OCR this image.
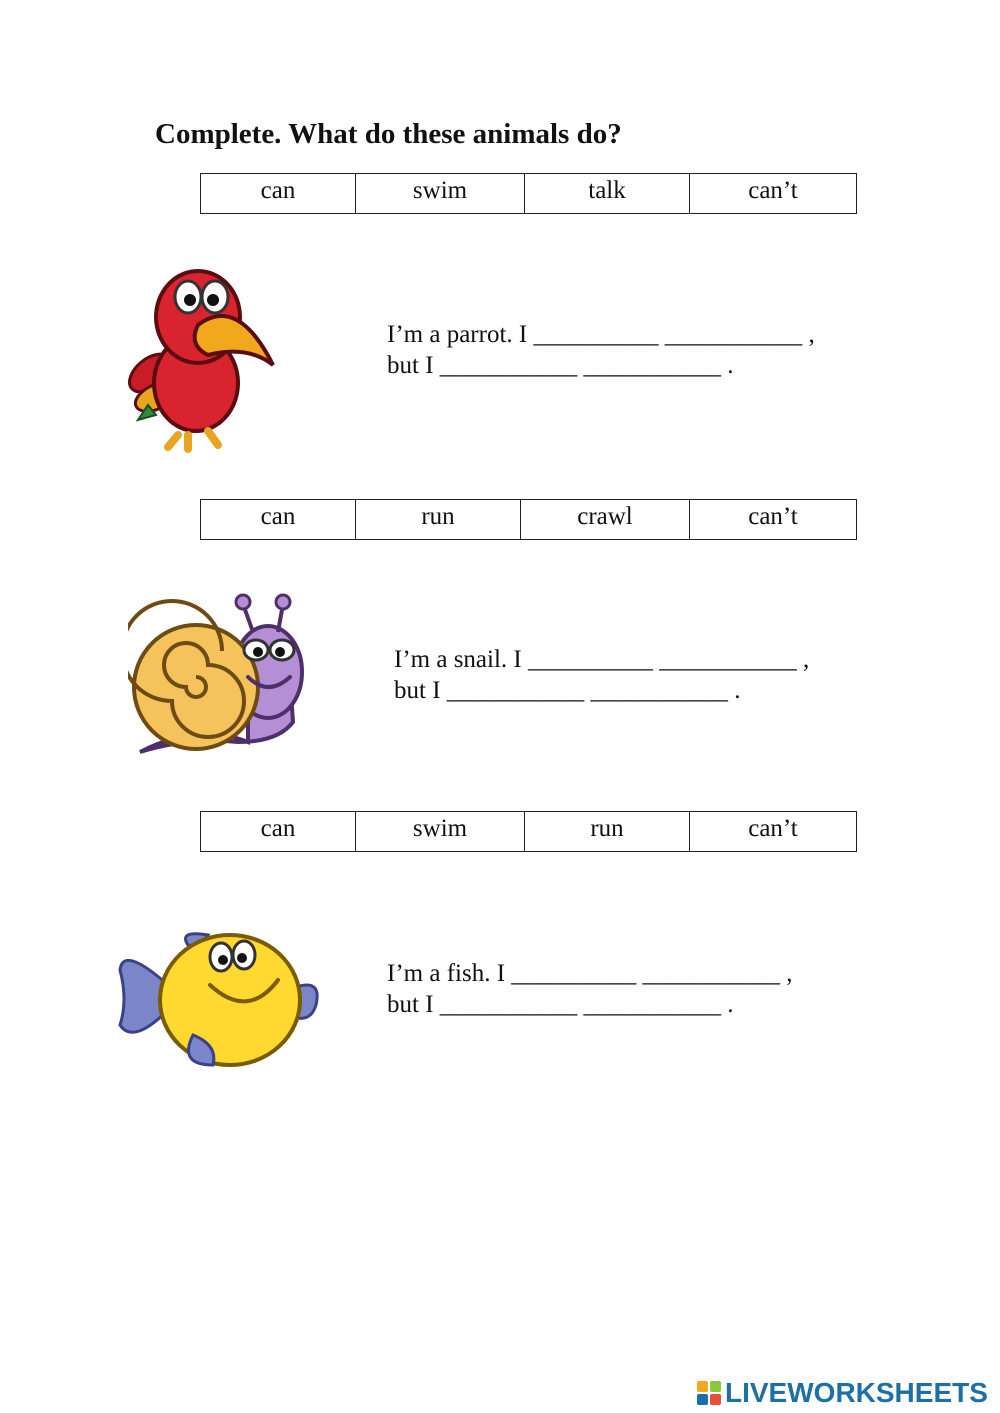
Complete. What do these animals do?
can	swim	talk	can’t
I’m a parrot. I __________ ___________ ,
but I ___________ ___________ .
can	run	crawl	can’t
I’m a snail. I __________ ___________ ,
but I ___________ ___________ .
can	swim	run	can’t
I’m a fish. I __________ ___________ ,
but I ___________ ___________ .
LIVEWORKSHEETS
